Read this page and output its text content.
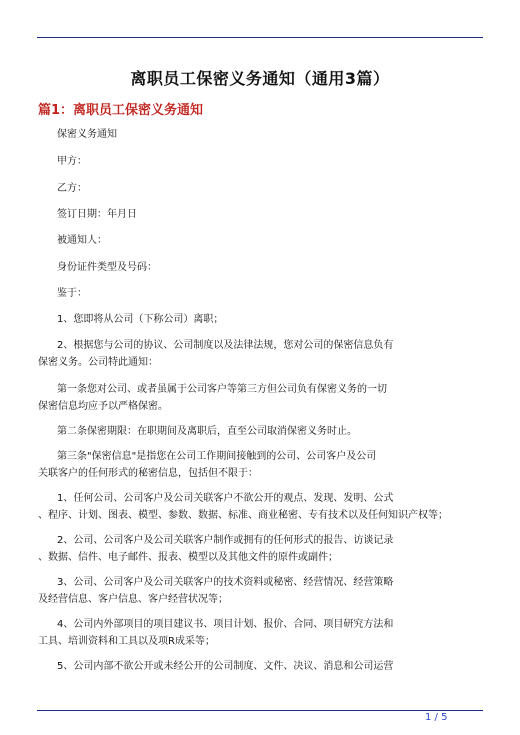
离职员工保密义务通知（通用3篇）
篇1：离职员工保密义务通知
保密义务通知
甲方：
乙方：
签订日期：年月日
被通知人：
身份证件类型及号码：
鉴于：
1、您即将从公司（下称公司）离职；
2、根据您与公司的协议、公司制度以及法律法规，您对公司的保密信息负有
保密义务。公司特此通知：
第一条您对公司、或者虽属于公司客户等第三方但公司负有保密义务的一切
保密信息均应予以严格保密。
第二条保密期限：在职期间及离职后，直至公司取消保密义务时止。
第三条"保密信息"是指您在公司工作期间接触到的公司、公司客户及公司
关联客户的任何形式的秘密信息，包括但不限于：
1、任何公司、公司客户及公司关联客户不欲公开的观点、发现、发明、公式
、程序、计划、图表、模型、参数、数据、标准、商业秘密、专有技术以及任何知识产权等；
2、公司、公司客户及公司关联客户制作或拥有的任何形式的报告、访谈记录
、数据、信件、电子邮件、报表、模型以及其他文件的原件或副件；
3、公司、公司客户及公司关联客户的技术资料或秘密、经营情况、经营策略
及经营信息、客户信息、客户经营状况等；
4、公司内外部项目的项目建议书、项目计划、报价、合同、项目研究方法和
工具、培训资料和工具以及项R成采等；
5、公司内部不欲公开或未经公开的公司制度、文件、决议、消息和公司运营
1 / 5
